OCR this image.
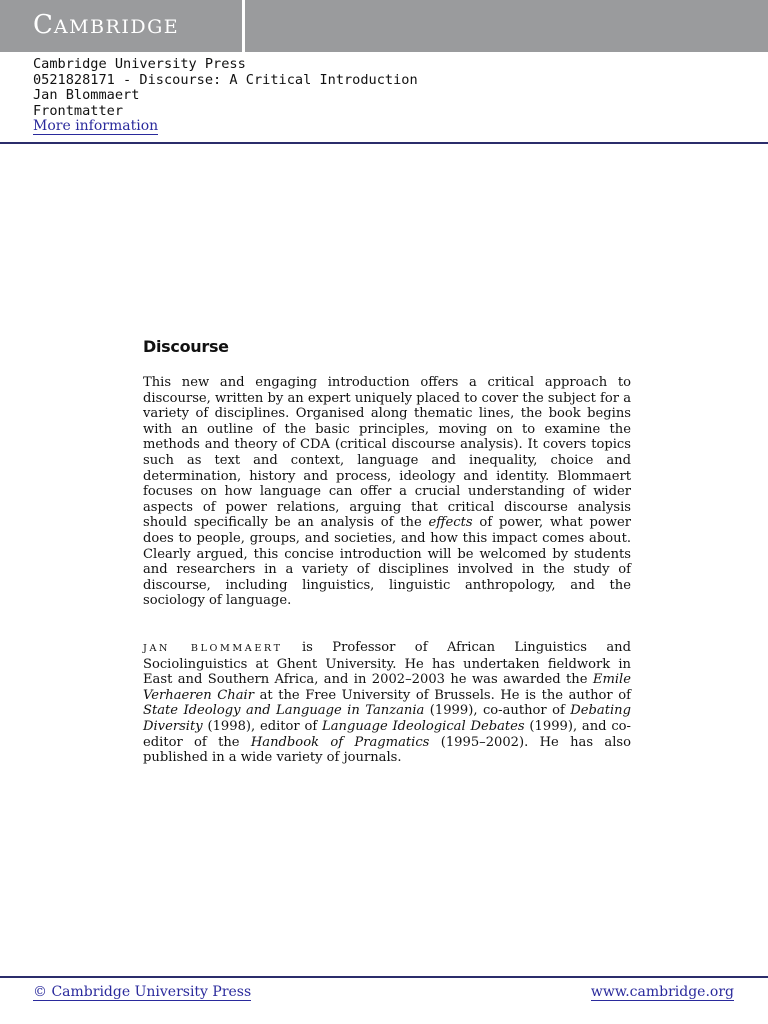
CAMBRIDGE
Cambridge University Press
0521828171 - Discourse: A Critical Introduction
Jan Blommaert
Frontmatter
More information
Discourse

This new and engaging introduction offers a critical approach to discourse, written by an expert uniquely placed to cover the subject for a variety of disciplines. Organised along thematic lines, the book begins with an outline of the basic principles, moving on to examine the methods and theory of CDA (critical discourse analysis). It covers topics such as text and context, language and inequality, choice and determination, history and process, ideology and identity. Blommaert focuses on how language can offer a crucial understanding of wider aspects of power relations, arguing that critical discourse analysis should specifically be an analysis of the effects of power, what power does to people, groups, and societies, and how this impact comes about. Clearly argued, this concise introduction will be welcomed by students and researchers in a variety of disciplines involved in the study of discourse, including linguistics, linguistic anthropology, and the sociology of language.

JAN BLOMMAERT is Professor of African Linguistics and Sociolinguistics at Ghent University. He has undertaken fieldwork in East and Southern Africa, and in 2002–2003 he was awarded the Emile Verhaeren Chair at the Free University of Brussels. He is the author of State Ideology and Language in Tanzania (1999), co-author of Debating Diversity (1998), editor of Language Ideological Debates (1999), and co-editor of the Handbook of Pragmatics (1995–2002). He has also published in a wide variety of journals.

© Cambridge University Press	www.cambridge.org
